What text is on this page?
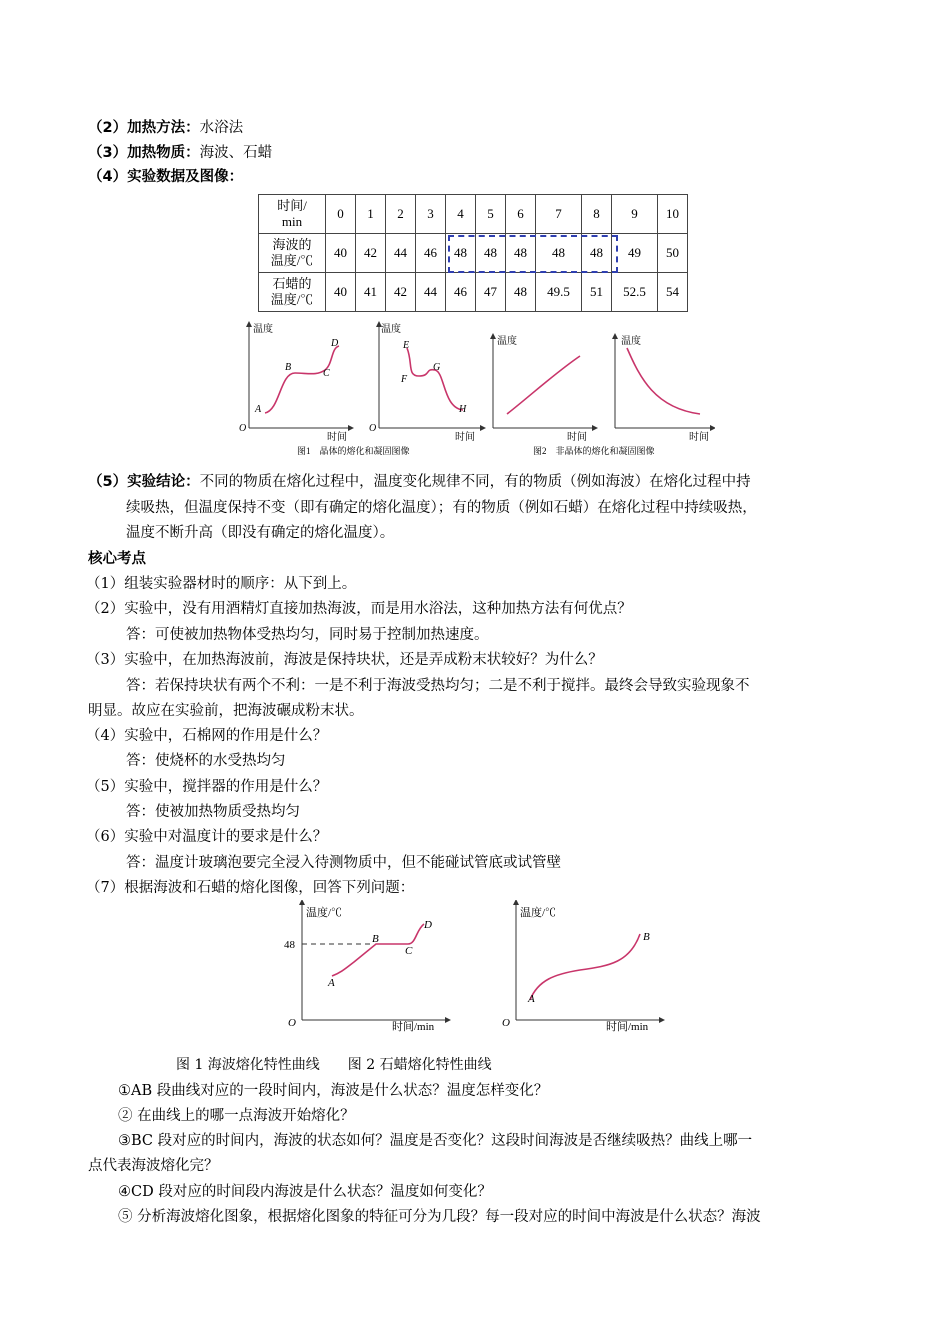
（2）加热方法：水浴法
（3）加热物质：海波、石蜡
（4）实验数据及图像：
时间/
min	0	1	2	3	4	5	6	7	8	9	10
海波的
温度/℃	40	42	44	46	48	48	48	48	48	49	50
石蜡的
温度/℃	40	41	42	44	46	47	48	49.5	51	52.5	54
温度
时间
O
A
B
C
D
温度
时间
O
E
F
G
H
温度
时间
温度
时间
图1　晶体的熔化和凝固图像	图2　非晶体的熔化和凝固图像
（5）实验结论：不同的物质在熔化过程中，温度变化规律不同，有的物质（例如海波）在熔化过程中持
续吸热，但温度保持不变（即有确定的熔化温度）；有的物质（例如石蜡）在熔化过程中持续吸热，
温度不断升高（即没有确定的熔化温度）。
核心考点
（1）组装实验器材时的顺序：从下到上。
（2）实验中，没有用酒精灯直接加热海波，而是用水浴法，这种加热方法有何优点？
答：可使被加热物体受热均匀，同时易于控制加热速度。
（3）实验中，在加热海波前，海波是保持块状，还是弄成粉末状较好？为什么？
答：若保持块状有两个不利：一是不利于海波受热均匀；二是不利于搅拌。最终会导致实验现象不
明显。故应在实验前，把海波碾成粉末状。
（4）实验中，石棉网的作用是什么？
答：使烧杯的水受热均匀
（5）实验中，搅拌器的作用是什么？
答：使被加热物质受热均匀
（6）实验中对温度计的要求是什么？
答：温度计玻璃泡要完全浸入待测物质中，但不能碰试管底或试管壁
（7）根据海波和石蜡的熔化图像，回答下列问题：
温度/℃
时间/min
O
48
A
B
C
D
温度/℃
时间/min
O
A
B
图 1 海波熔化特性曲线　　图 2 石蜡熔化特性曲线
①AB 段曲线对应的一段时间内，海波是什么状态？温度怎样变化？
② 在曲线上的哪一点海波开始熔化？
③BC 段对应的时间内，海波的状态如何？温度是否变化？这段时间海波是否继续吸热？曲线上哪一
点代表海波熔化完？
④CD 段对应的时间段内海波是什么状态？温度如何变化？
⑤ 分析海波熔化图象，根据熔化图象的特征可分为几段？每一段对应的时间中海波是什么状态？海波
